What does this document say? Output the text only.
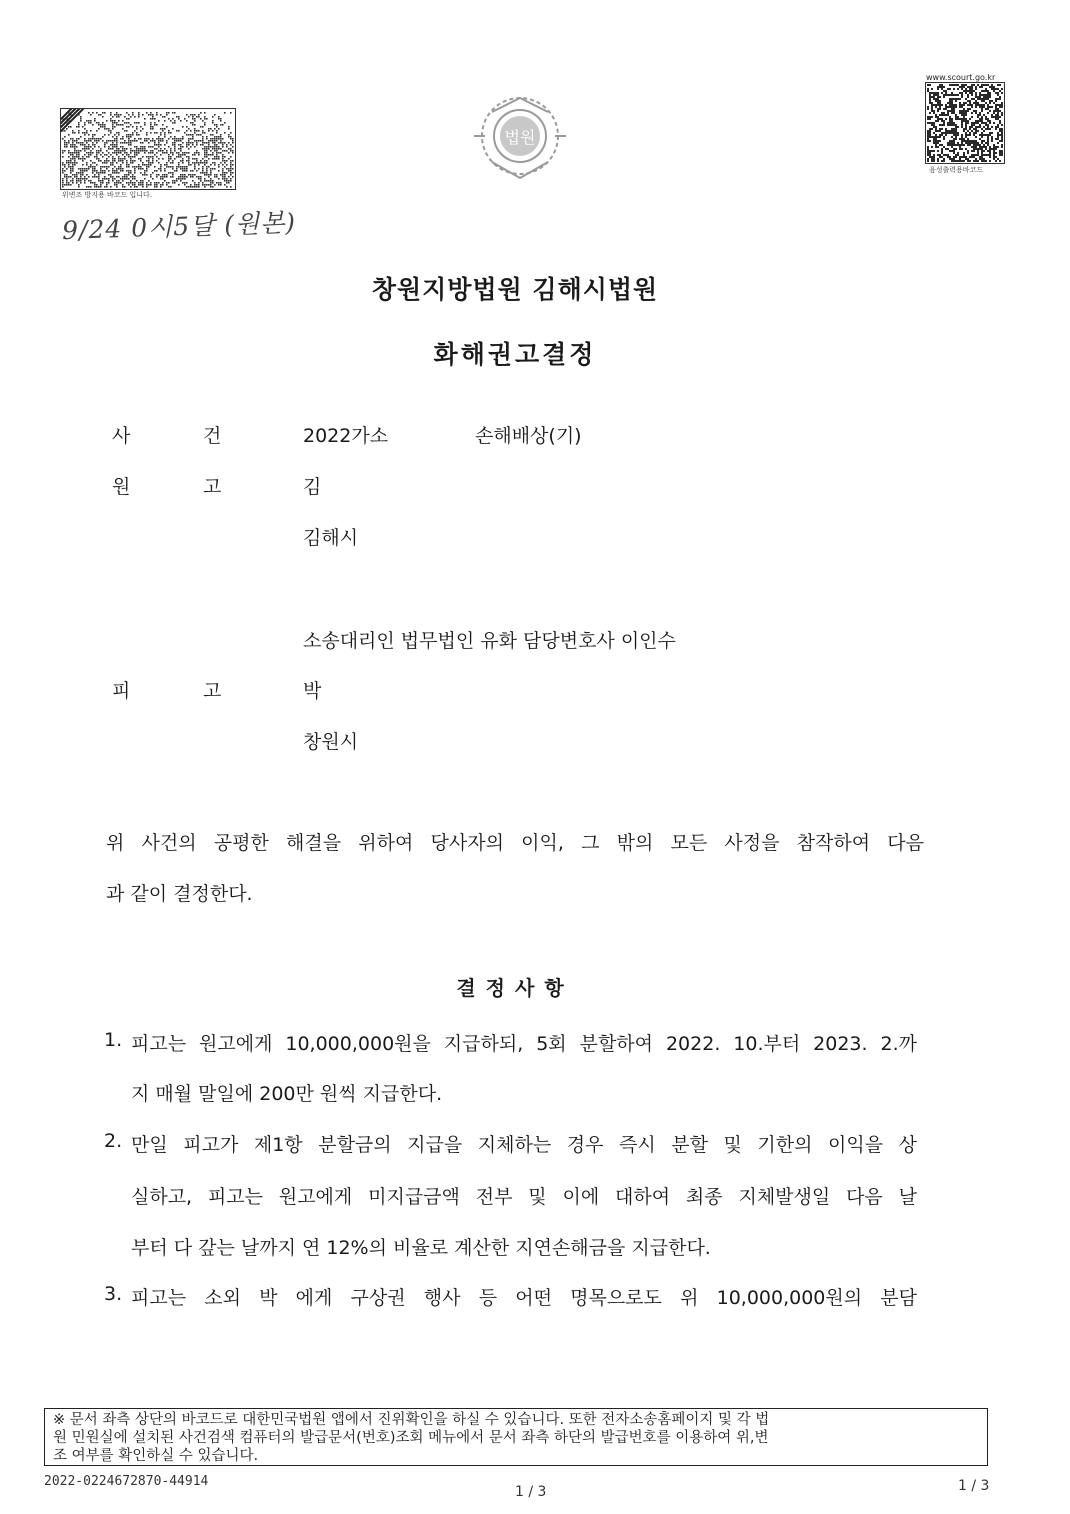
위변조 방지용 바코드 입니다.
9/24 0시5달 (원본)
법원
www.scourt.go.kr
음성출력용바코드
창원지방법원 김해시법원
화해권고결정
사	건	2022가소	손해배상(기)
원	고	김
김해시
소송대리인 법무법인 유화 담당변호사 이인수
피	고	박
창원시
위 사건의 공평한 해결을 위하여 당사자의 이익, 그 밖의 모든 사정을 참작하여 다음
과 같이 결정한다.
결정사항
1. 피고는 원고에게 10,000,000원을 지급하되, 5회 분할하여 2022. 10.부터 2023. 2.까
지 매월 말일에 200만 원씩 지급한다.
2. 만일 피고가 제1항 분할금의 지급을 지체하는 경우 즉시 분할 및 기한의 이익을 상
실하고, 피고는 원고에게 미지급금액 전부 및 이에 대하여 최종 지체발생일 다음 날
부터 다 갚는 날까지 연 12%의 비율로 계산한 지연손해금을 지급한다.
3. 피고는 소외 박 에게 구상권 행사 등 어떤 명목으로도 위 10,000,000원의 분담
※ 문서 좌측 상단의 바코드로 대한민국법원 앱에서 진위확인을 하실 수 있습니다. 또한 전자소송홈페이지 및 각 법
원 민원실에 설치된 사건검색 컴퓨터의 발급문서(번호)조회 메뉴에서 문서 좌측 하단의 발급번호를 이용하여 위,변
조 여부를 확인하실 수 있습니다.
2022-0224672870-44914
1 / 3	1 / 3
